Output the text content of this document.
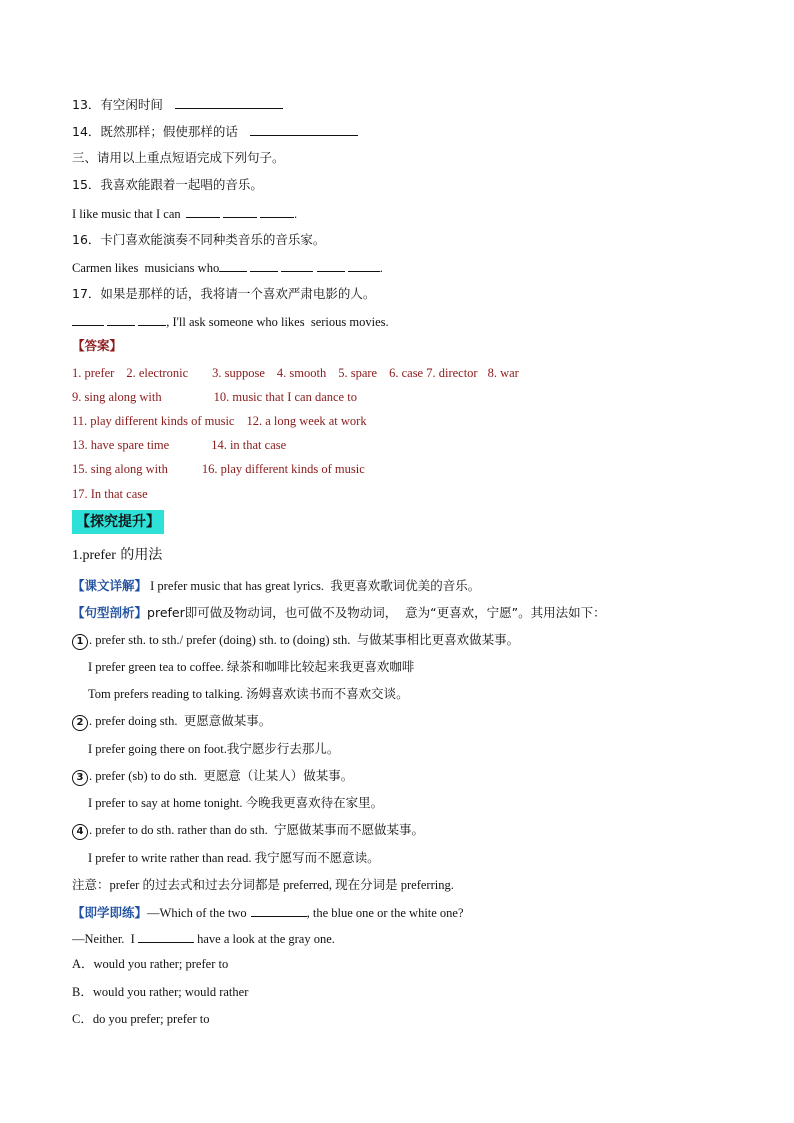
13．有空闲时间
14．既然那样；假使那样的话
三、请用以上重点短语完成下列句子。
15．我喜欢能跟着一起唱的音乐。
I like music that I can	.
16．卡门喜欢能演奏不同种类音乐的音乐家。
Carmen likes  musicians who	.
17．如果是那样的话，我将请一个喜欢严肃电影的人。
, I'll ask someone who likes  serious movies.
【答案】
1. prefer 2. electronic 3. suppose 4. smooth 5. spare 6. case 7. director 8. war
9. sing along with	10. music that I can dance to
11. play different kinds of music 12. a long week at work
13. have spare time	14. in that case
15. sing along with	16. play different kinds of music
17. In that case
【探究提升】
1.prefer 的用法
【课文详解】 I prefer music that has great lyrics.  我更喜欢歌词优美的音乐。
【句型剖析】prefer即可做及物动词，也可做不及物动词，  意为“更喜欢，宁愿”。其用法如下：
1 . prefer sth. to sth./ prefer (doing) sth. to (doing) sth.  与做某事相比更喜欢做某事。
I prefer green tea to coffee. 绿茶和咖啡比较起来我更喜欢咖啡
Tom prefers reading to talking. 汤姆喜欢读书而不喜欢交谈。
2 . prefer doing sth.  更愿意做某事。
I prefer going there on foot.我宁愿步行去那儿。
3 . prefer (sb) to do sth.  更愿意（让某人）做某事。
I prefer to say at home tonight. 今晚我更喜欢待在家里。
4 . prefer to do sth. rather than do sth.  宁愿做某事而不愿做某事。
I prefer to write rather than read. 我宁愿写而不愿意读。
注意：prefer 的过去式和过去分词都是 preferred, 现在分词是 preferring.
【即学即练】—Which of the two	, the blue one or the white one?
—Neither.  I	have a look at the gray one.
A．would you rather; prefer to
B．would you rather; would rather
C．do you prefer; prefer to
